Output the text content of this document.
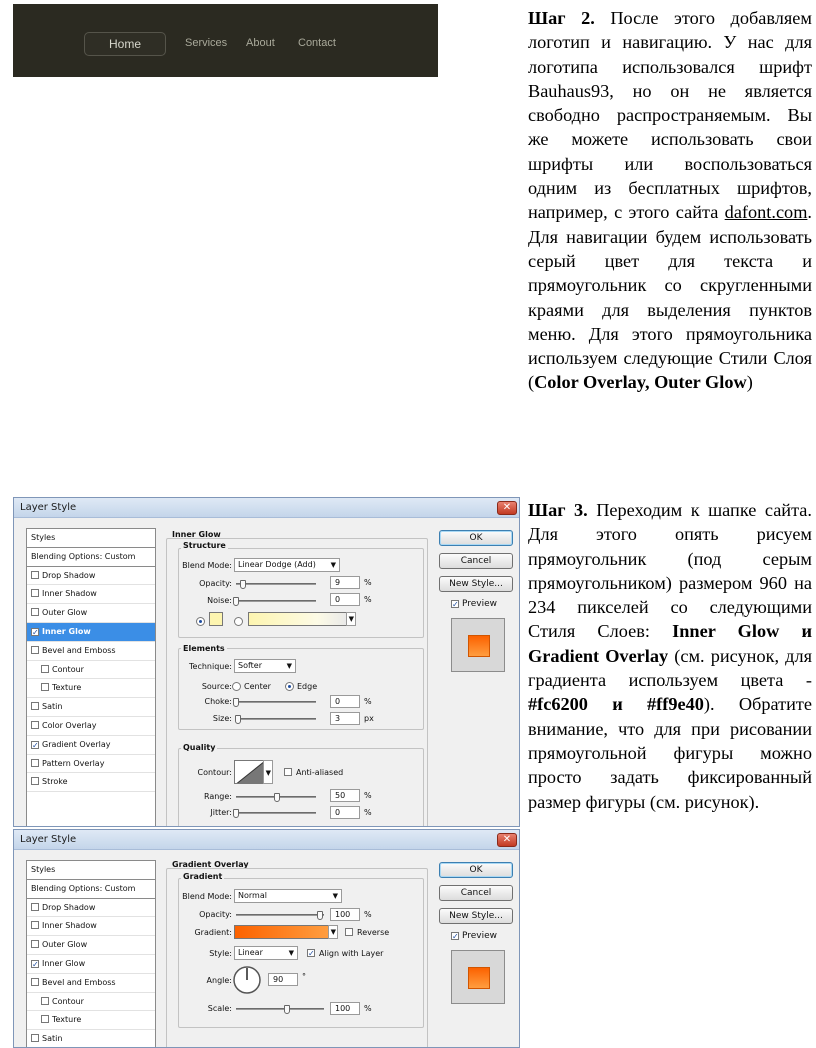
Home	Services About Contact
Шаг 2. После этого добавляем логотип и навигацию. У нас для логотипа использовался шрифт Bauhaus93, но он не является свободно распространяемым. Вы же можете использовать свои шрифты или воспользоваться одним из бесплатных шрифтов, например, с этого сайта dafont.com. Для навигации будем использовать серый цвет для текста и прямоугольник со скругленными краями для выделения пунктов меню. Для этого прямоугольника используем следующие Стили Слоя (Color Overlay, Outer Glow)
Шаг 3. Переходим к шапке сайта. Для этого опять рисуем прямоугольник (под серым прямоугольником) размером 960 на 234 пикселей со следующими Стиля Слоев: Inner Glow и Gradient Overlay (см. рисунок, для градиента используем цвета - #fc6200 и #ff9e40). Обратите внимание, что для при рисовании прямоугольной фигуры можно просто задать фиксированный размер фигуры (см. рисунок).
Layer Style	✕
Styles
Blending Options: Custom
Drop Shadow
Inner Shadow
Outer Glow
✓ Inner Glow
Bevel and Emboss
Contour
Texture
Satin
Color Overlay
✓ Gradient Overlay
Pattern Overlay
Stroke
Inner Glow
Structure
Blend Mode: Linear Dodge (Add) ▼
Opacity:	9	%
Noise:	0	%
▼
Elements
Technique: Softer	▼
Source: Center	Edge
Choke:	0	%
Size:	3	px
Quality
Contour:	▼	Anti-aliased
Range:	50	%
Jitter:	0	%
OK
Cancel
New Style...
✓ Preview
Layer Style	✕
Styles
Blending Options: Custom
Drop Shadow
Inner Shadow
Outer Glow
✓ Inner Glow
Bevel and Emboss
Contour
Texture
Satin
Gradient Overlay
Gradient
Blend Mode: Normal	▼
Opacity:	100	%
Gradient:	▼	Reverse
Style: Linear	▼ ✓ Align with Layer
Angle:	90	°
Scale:	100	%
OK
Cancel
New Style...
✓ Preview
